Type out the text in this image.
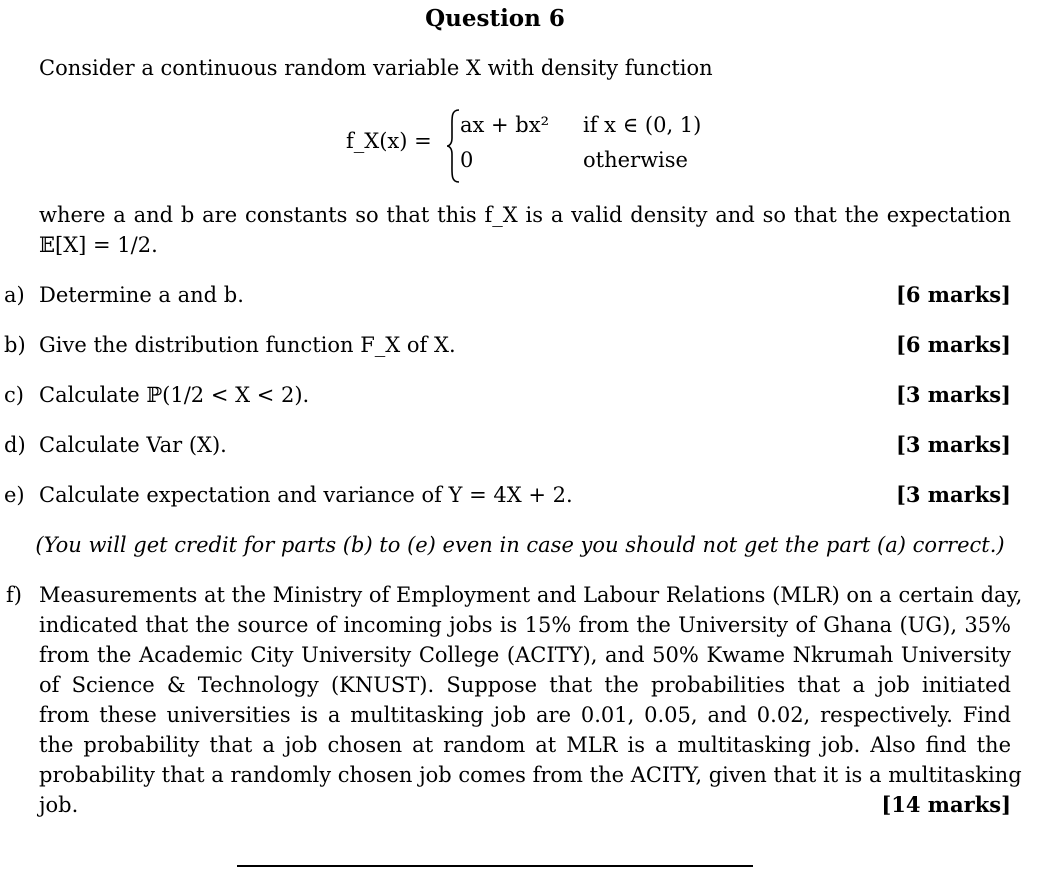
Question 6
Consider a continuous random variable X with density function
f_X(x) =
ax + bx² if x ∈ (0, 1)
0	otherwise
where a and b are constants so that this f_X is a valid density and so that the expectation
𝔼[X] = 1/2.
a) Determine a and b.	[6 marks]
b) Give the distribution function F_X of X.	[6 marks]
c) Calculate ℙ(1/2 < X < 2).	[3 marks]
d) Calculate Var (X).	[3 marks]
e) Calculate expectation and variance of Y = 4X + 2.	[3 marks]
(You will get credit for parts (b) to (e) even in case you should not get the part (a) correct.)
f) Measurements at the Ministry of Employment and Labour Relations (MLR) on a certain day,
indicated that the source of incoming jobs is 15% from the University of Ghana (UG), 35%
from the Academic City University College (ACITY), and 50% Kwame Nkrumah University
of Science & Technology (KNUST). Suppose that the probabilities that a job initiated
from these universities is a multitasking job are 0.01, 0.05, and 0.02, respectively. Find
the probability that a job chosen at random at MLR is a multitasking job. Also find the
probability that a randomly chosen job comes from the ACITY, given that it is a multitasking
job.	[14 marks]
